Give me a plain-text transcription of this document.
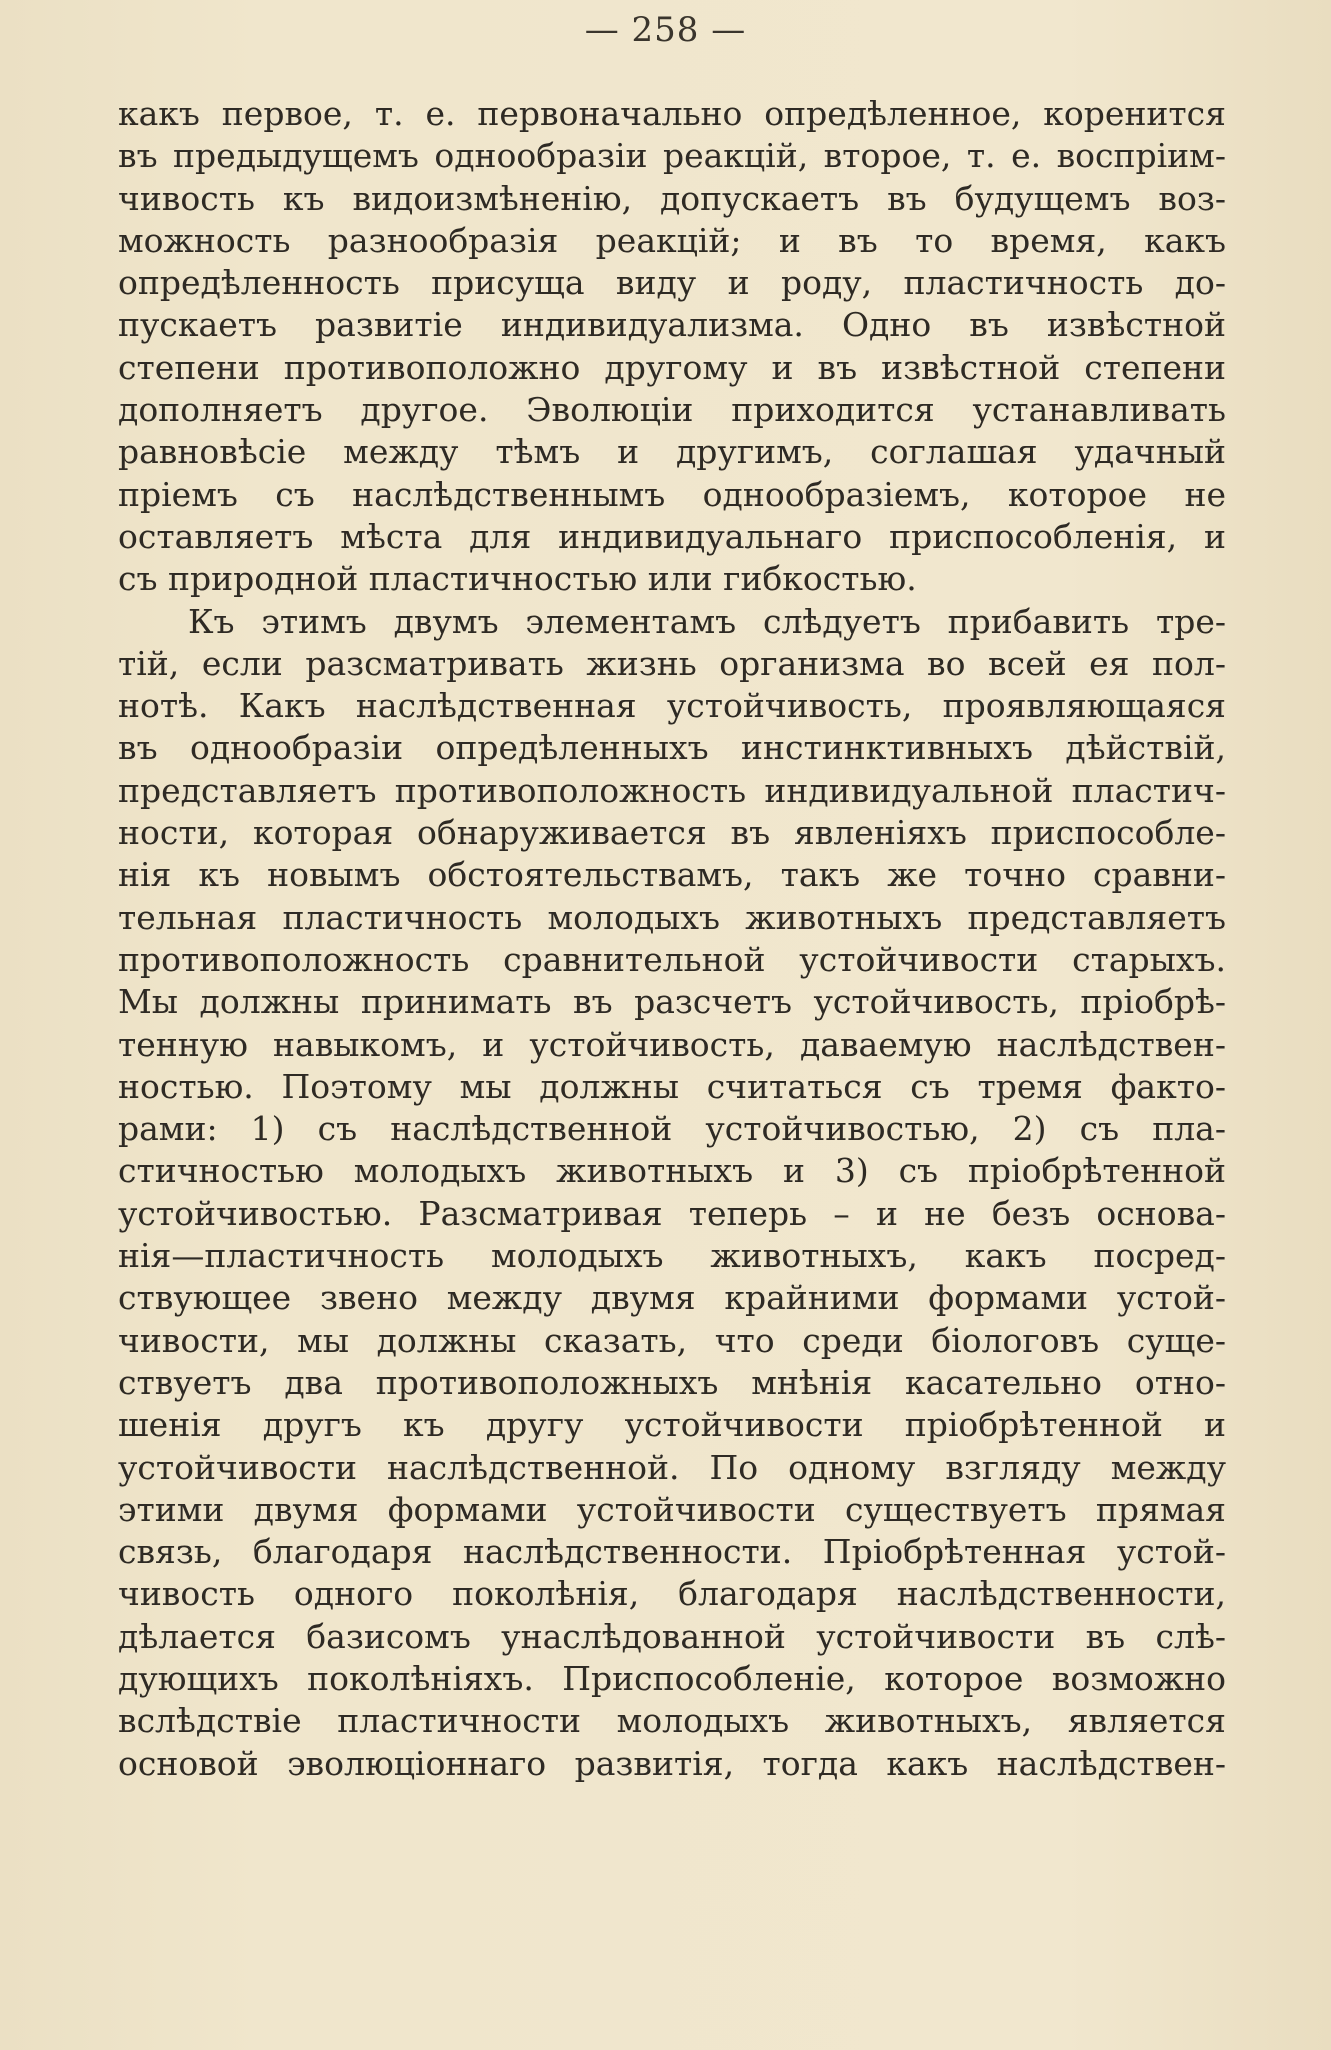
— 258 —
какъ первое, т. е. первоначально опредѣленное, коренится
въ предыдущемъ однообразіи реакцій, второе, т. е. воспріим-
чивость къ видоизмѣненію, допускаетъ въ будущемъ воз-
можность разнообразія реакцій; и въ то время, какъ
опредѣленность присуща виду и роду, пластичность до-
пускаетъ развитіе индивидуализма. Одно въ извѣстной
степени противоположно другому и въ извѣстной степени
дополняетъ другое. Эволюціи приходится устанавливать
равновѣсіе между тѣмъ и другимъ, соглашая удачный
пріемъ съ наслѣдственнымъ однообразіемъ, которое не
оставляетъ мѣста для индивидуальнаго приспособленія, и
съ природной пластичностью или гибкостью.
Къ этимъ двумъ элементамъ слѣдуетъ прибавить тре-
тій, если разсматривать жизнь организма во всей ея пол-
нотѣ. Какъ наслѣдственная устойчивость, проявляющаяся
въ однообразіи опредѣленныхъ инстинктивныхъ дѣйствій,
представляетъ противоположность индивидуальной пластич-
ности, которая обнаруживается въ явленіяхъ приспособле-
нія къ новымъ обстоятельствамъ, такъ же точно сравни-
тельная пластичность молодыхъ животныхъ представляетъ
противоположность сравнительной устойчивости старыхъ.
Мы должны принимать въ разсчетъ устойчивость, пріобрѣ-
тенную навыкомъ, и устойчивость, даваемую наслѣдствен-
ностью. Поэтому мы должны считаться съ тремя факто-
рами: 1) съ наслѣдственной устойчивостью, 2) съ пла-
стичностью молодыхъ животныхъ и 3) съ пріобрѣтенной
устойчивостью. Разсматривая теперь – и не безъ основа-
нія—пластичность молодыхъ животныхъ, какъ посред-
ствующее звено между двумя крайними формами устой-
чивости, мы должны сказать, что среди біологовъ суще-
ствуетъ два противоположныхъ мнѣнія касательно отно-
шенія другъ къ другу устойчивости пріобрѣтенной и
устойчивости наслѣдственной. По одному взгляду между
этими двумя формами устойчивости существуетъ прямая
связь, благодаря наслѣдственности. Пріобрѣтенная устой-
чивость одного поколѣнія, благодаря наслѣдственности,
дѣлается базисомъ унаслѣдованной устойчивости въ слѣ-
дующихъ поколѣніяхъ. Приспособленіе, которое возможно
вслѣдствіе пластичности молодыхъ животныхъ, является
основой эволюціоннаго развитія, тогда какъ наслѣдствен-
